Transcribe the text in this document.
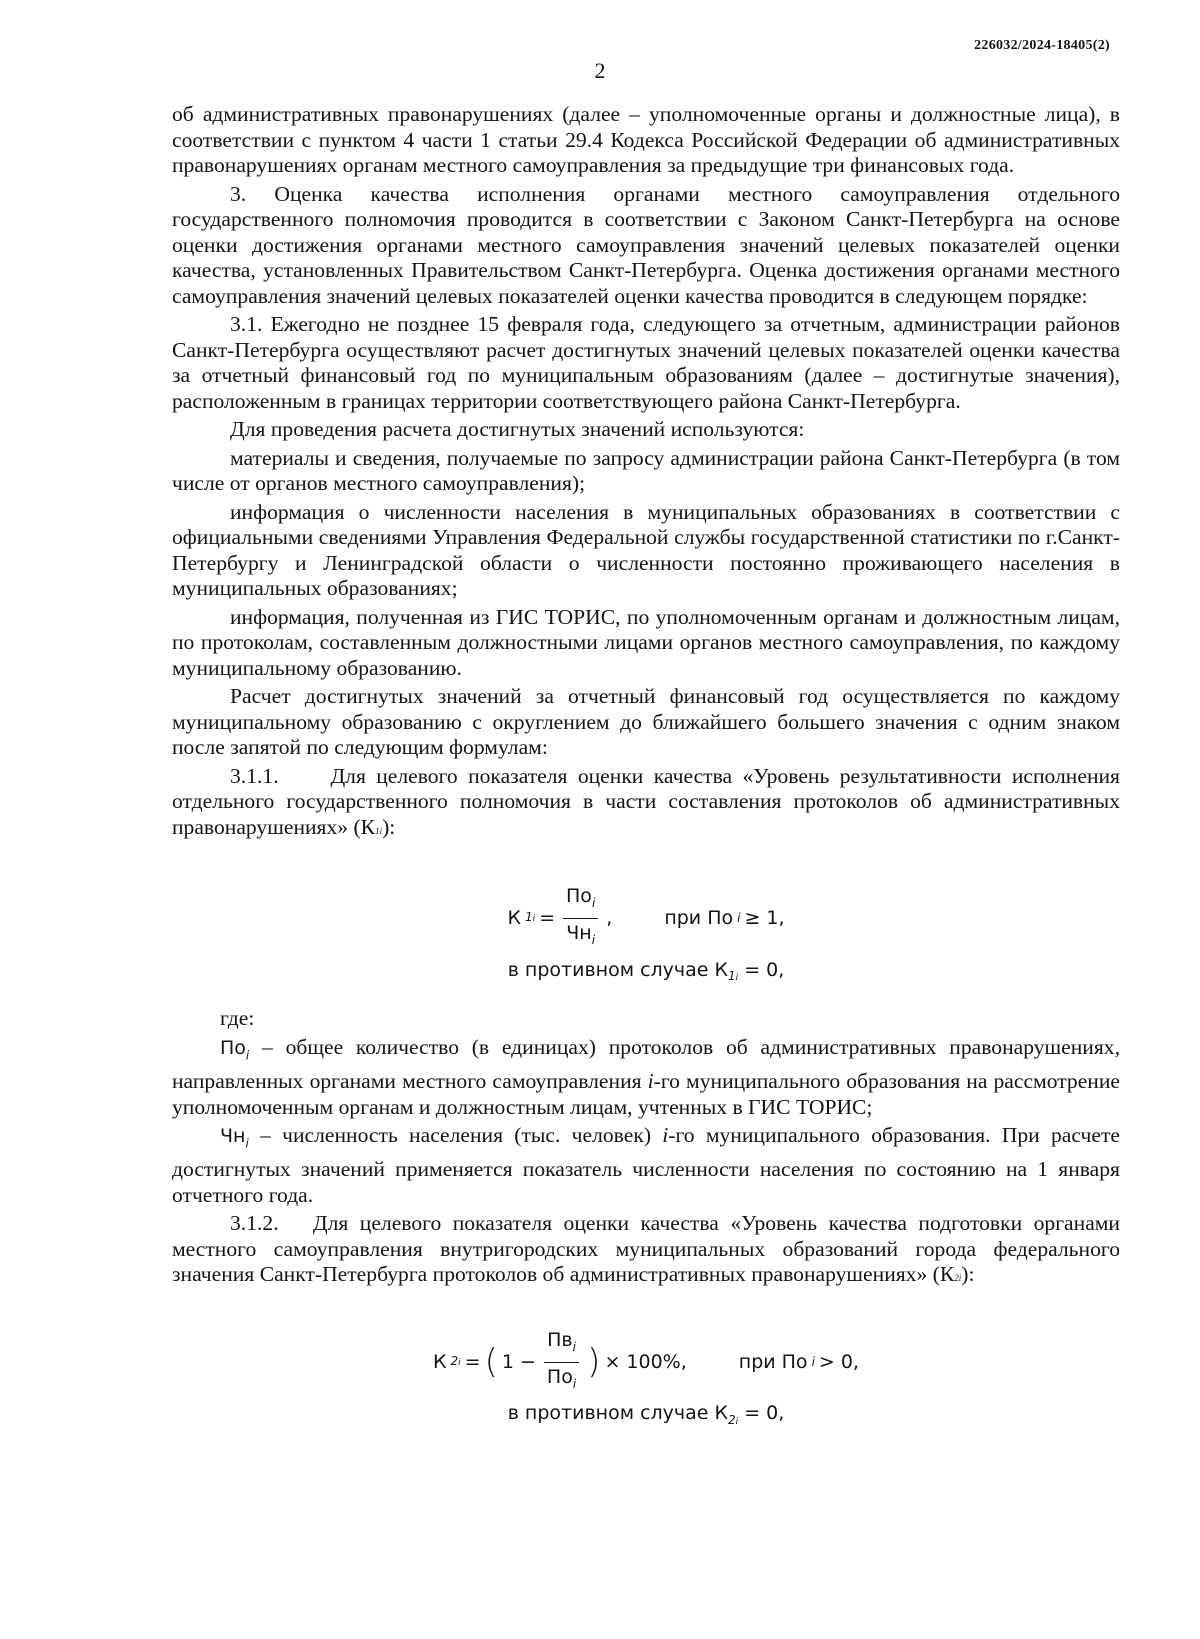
226032/2024-18405(2)
2

об административных правонарушениях (далее – уполномоченные органы и должностные лица), в соответствии с пунктом 4 части 1 статьи 29.4 Кодекса Российской Федерации об административных правонарушениях органам местного самоуправления за предыдущие три финансовых года.

3. Оценка качества исполнения органами местного самоуправления отдельного государственного полномочия проводится в соответствии с Законом Санкт-Петербурга на основе оценки достижения органами местного самоуправления значений целевых показателей оценки качества, установленных Правительством Санкт-Петербурга. Оценка достижения органами местного самоуправления значений целевых показателей оценки качества проводится в следующем порядке:

3.1. Ежегодно не позднее 15 февраля года, следующего за отчетным, администрации районов Санкт-Петербурга осуществляют расчет достигнутых значений целевых показателей оценки качества за отчетный финансовый год по муниципальным образованиям (далее – достигнутые значения), расположенным в границах территории соответствующего района Санкт-Петербурга.

Для проведения расчета достигнутых значений используются:

материалы и сведения, получаемые по запросу администрации района Санкт-Петербурга (в том числе от органов местного самоуправления);

информация о численности населения в муниципальных образованиях в соответствии с официальными сведениями Управления Федеральной службы государственной статистики по г.Санкт-Петербургу и Ленинградской области о численности постоянно проживающего населения в муниципальных образованиях;

информация, полученная из ГИС ТОРИС, по уполномоченным органам и должностным лицам, по протоколам, составленным должностными лицами органов местного самоуправления, по каждому муниципальному образованию.

Расчет достигнутых значений за отчетный финансовый год осуществляется по каждому муниципальному образованию с округлением до ближайшего большего значения с одним знаком после запятой по следующим формулам:

3.1.1. Для целевого показателя оценки качества «Уровень результативности исполнения отдельного государственного полномочия в части составления протоколов об административных правонарушениях» (К1i):

К $1i = \frac{По_i}{Чн_i}$ ,	при По i ≥ 1,
в противном случае $К_{1i} = 0$,

где:

$По_i$ – общее количество (в единицах) протоколов об административных правонарушениях, направленных органами местного самоуправления i-го муниципального образования на рассмотрение уполномоченным органам и должностным лицам, учтенных в ГИС ТОРИС;

$Чн_i$ – численность населения (тыс. человек) i-го муниципального образования. При расчете достигнутых значений применяется показатель численности населения по состоянию на 1 января отчетного года.

3.1.2. Для целевого показателя оценки качества «Уровень качества подготовки органами местного самоуправления внутригородских муниципальных образований города федерального значения Санкт-Петербурга протоколов об административных правонарушениях» (К2i):

К 2i = ( $1 - \frac{Пв_i}{По_i}$ ) × 100%,	при По i > 0,
в противном случае $К_{2i} = 0$,
